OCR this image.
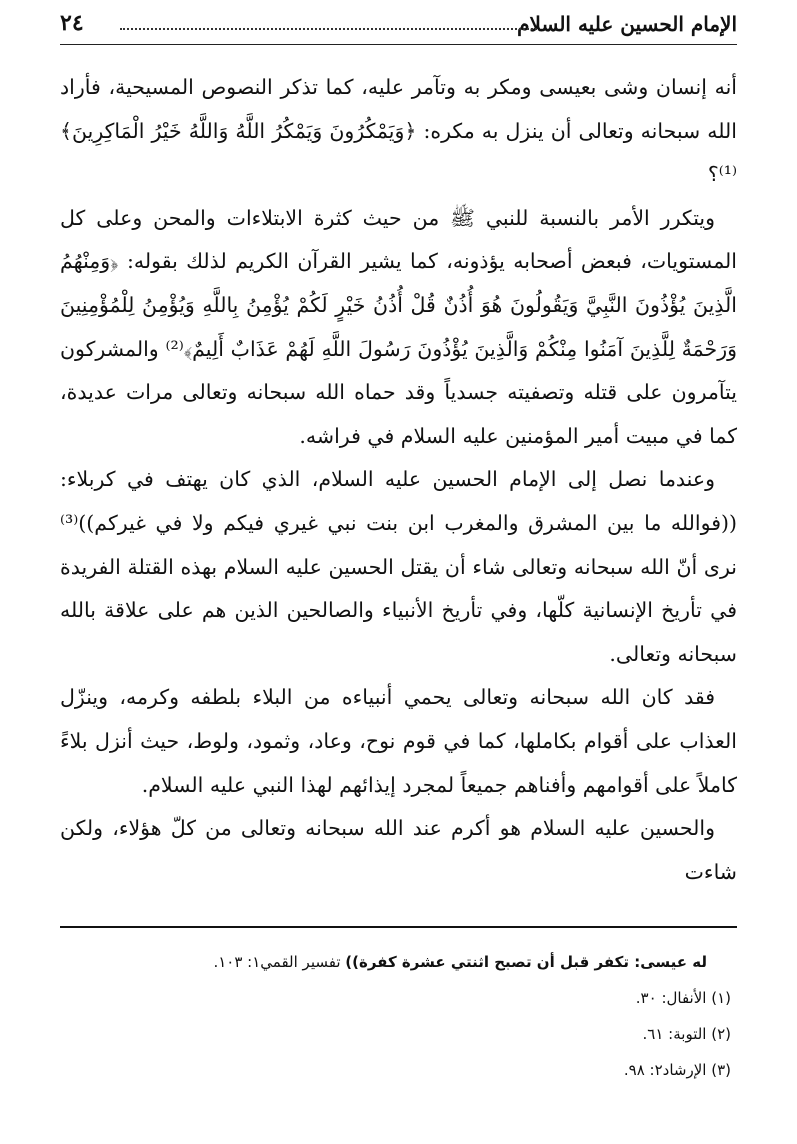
الإمام الحسين عليه السلام
٢٤

أنه إنسان وشى بعيسى ومكر به وتآمر عليه، كما تذكر النصوص المسيحية، فأراد الله سبحانه وتعالى أن ينزل به مكره: ﴿وَيَمْكُرُونَ وَيَمْكُرُ اللَّهُ وَاللَّهُ خَيْرُ الْمَاكِرِينَ﴾⁽¹⁾؟

ويتكرر الأمر بالنسبة للنبي ﷺ من حيث كثرة الابتلاءات والمحن وعلى كل المستويات، فبعض أصحابه يؤذونه، كما يشير القرآن الكريم لذلك بقوله: ﴿وَمِنْهُمُ الَّذِينَ يُؤْذُونَ النَّبِيَّ وَيَقُولُونَ هُوَ أُذُنٌ قُلْ أُذُنُ خَيْرٍ لَكُمْ يُؤْمِنُ بِاللَّهِ وَيُؤْمِنُ لِلْمُؤْمِنِينَ وَرَحْمَةٌ لِلَّذِينَ آمَنُوا مِنْكُمْ وَالَّذِينَ يُؤْذُونَ رَسُولَ اللَّهِ لَهُمْ عَذَابٌ أَلِيمٌ﴾⁽²⁾ والمشركون يتآمرون على قتله وتصفيته جسدياً وقد حماه الله سبحانه وتعالى مرات عديدة، كما في مبيت أمير المؤمنين عليه السلام في فراشه.

وعندما نصل إلى الإمام الحسين عليه السلام، الذي كان يهتف في كربلاء: ((فوالله ما بين المشرق والمغرب ابن بنت نبي غيري فيكم ولا في غيركم))⁽³⁾ نرى أنّ الله سبحانه وتعالى شاء أن يقتل الحسين عليه السلام بهذه القتلة الفريدة في تأريخ الإنسانية كلّها، وفي تأريخ الأنبياء والصالحين الذين هم على علاقة بالله سبحانه وتعالى.

فقد كان الله سبحانه وتعالى يحمي أنبياءه من البلاء بلطفه وكرمه، وينزّل العذاب على أقوام بكاملها، كما في قوم نوح، وعاد، وثمود، ولوط، حيث أنزل بلاءً كاملاً على أقوامهم وأفناهم جميعاً لمجرد إيذائهم لهذا النبي عليه السلام.

والحسين عليه السلام هو أكرم عند الله سبحانه وتعالى من كلّ هؤلاء، ولكن شاءت

له عيسى: تكفر قبل أن تصبح اثنتي عشرة كفرة)) تفسير القمي١: ١٠٣.
(١) الأنفال: ٣٠.
(٢) التوبة: ٦١.
(٣) الإرشاد٢: ٩٨.
